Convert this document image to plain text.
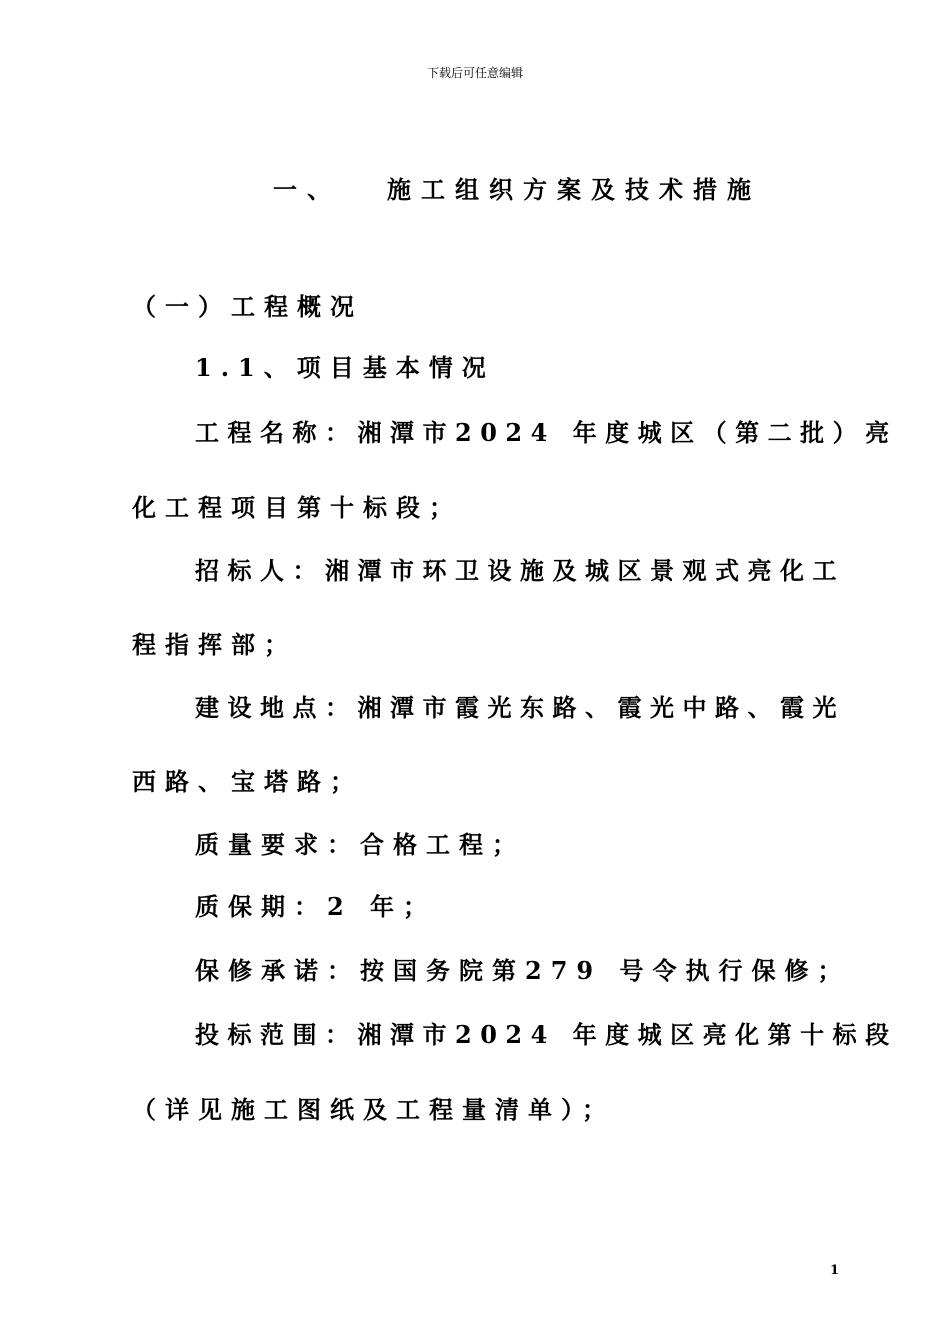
下载后可任意编辑
一、 施工组织方案及技术措施
（一）工程概况
1.1、项目基本情况
工程名称：湘潭市2024 年度城区（第二批）亮
化工程项目第十标段；
招标人：湘潭市环卫设施及城区景观式亮化工
程指挥部；
建设地点：湘潭市霞光东路、霞光中路、霞光
西路、宝塔路；
质量要求：合格工程；
质保期：2 年；
保修承诺：按国务院第279 号令执行保修；
投标范围：湘潭市2024 年度城区亮化第十标段
（详见施工图纸及工程量清单）；
1
